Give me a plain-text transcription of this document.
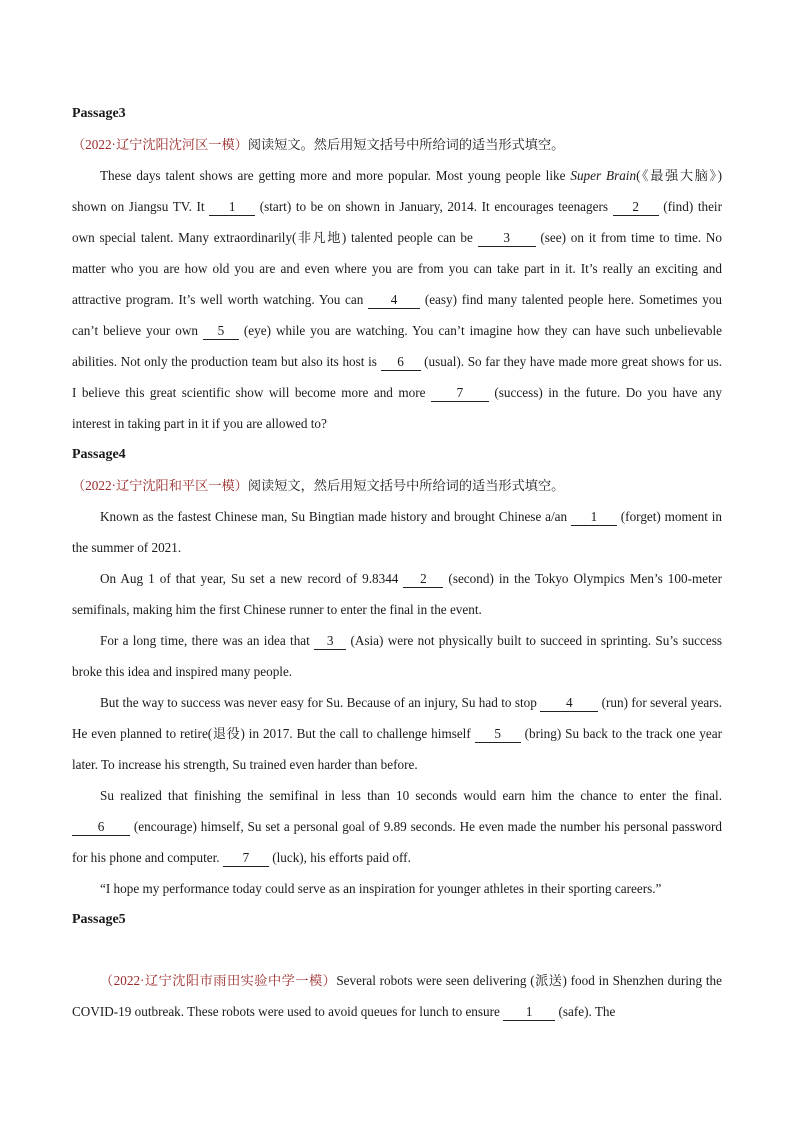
Passage3
（2022·辽宁沈阳沈河区一模）阅读短文。然后用短文括号中所给词的适当形式填空。

These days talent shows are getting more and more popular. Most young people like Super Brain(《最强大脑》) shown on Jiangsu TV. It 1 (start) to be on shown in January, 2014. It encourages teenagers 2 (find) their own special talent. Many extraordinarily(非凡地) talented people can be 3 (see) on it from time to time. No matter who you are how old you are and even where you are from you can take part in it. It’s really an exciting and attractive program. It’s well worth watching. You can 4 (easy) find many talented people here. Sometimes you can’t believe your own 5 (eye) while you are watching. You can’t imagine how they can have such unbelievable abilities. Not only the production team but also its host is 6 (usual). So far they have made more great shows for us. I believe this great scientific show will become more and more 7 (success) in the future. Do you have any interest in taking part in it if you are allowed to?

Passage4
（2022·辽宁沈阳和平区一模）阅读短文，然后用短文括号中所给词的适当形式填空。

Known as the fastest Chinese man, Su Bingtian made history and brought Chinese a/an 1 (forget) moment in the summer of 2021.

On Aug 1 of that year, Su set a new record of 9.8344 2 (second) in the Tokyo Olympics Men’s 100-meter semifinals, making him the first Chinese runner to enter the final in the event.

For a long time, there was an idea that 3 (Asia) were not physically built to succeed in sprinting. Su’s success broke this idea and inspired many people.

But the way to success was never easy for Su. Because of an injury, Su had to stop 4 (run) for several years. He even planned to retire(退役) in 2017. But the call to challenge himself 5 (bring) Su back to the track one year later. To increase his strength, Su trained even harder than before.

Su realized that finishing the semifinal in less than 10 seconds would earn him the chance to enter the final. 6 (encourage) himself, Su set a personal goal of 9.89 seconds. He even made the number his personal password for his phone and computer. 7 (luck), his efforts paid off.

“I hope my performance today could serve as an inspiration for younger athletes in their sporting careers.”

Passage5

（2022·辽宁沈阳市雨田实验中学一模）Several robots were seen delivering (派送) food in Shenzhen during the COVID-19 outbreak. These robots were used to avoid queues for lunch to ensure 1 (safe). The
